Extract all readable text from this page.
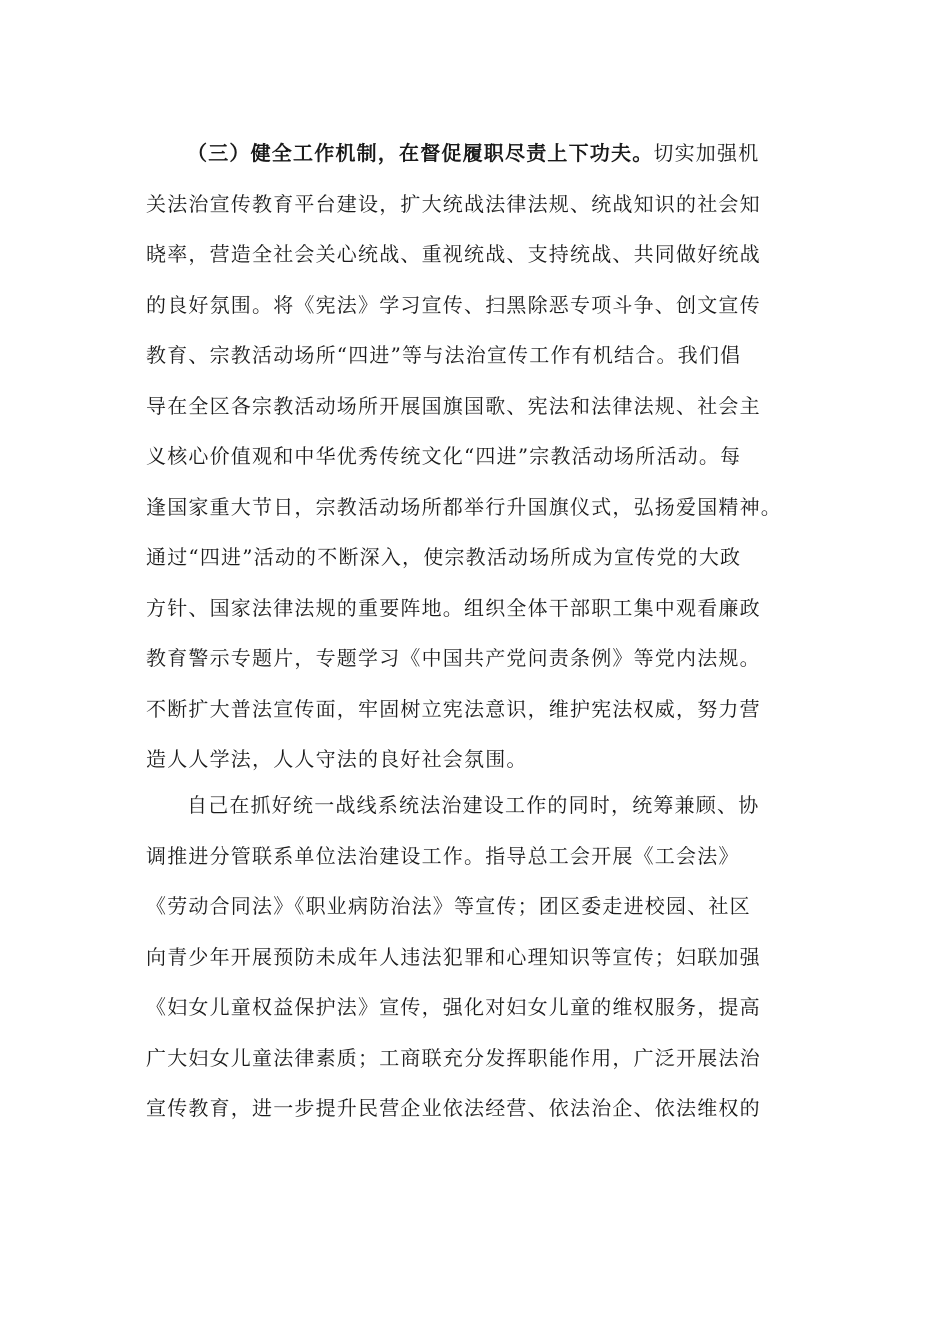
（三）健全工作机制，在督促履职尽责上下功夫。切实加强机
关法治宣传教育平台建设，扩大统战法律法规、统战知识的社会知
晓率，营造全社会关心统战、重视统战、支持统战、共同做好统战
的良好氛围。将《宪法》学习宣传、扫黑除恶专项斗争、创文宣传
教育、宗教活动场所“四进”等与法治宣传工作有机结合。我们倡
导在全区各宗教活动场所开展国旗国歌、宪法和法律法规、社会主
义核心价值观和中华优秀传统文化“四进”宗教活动场所活动。每
逢国家重大节日，宗教活动场所都举行升国旗仪式，弘扬爱国精神。
通过“四进”活动的不断深入，使宗教活动场所成为宣传党的大政
方针、国家法律法规的重要阵地。组织全体干部职工集中观看廉政
教育警示专题片，专题学习《中国共产党问责条例》等党内法规。
不断扩大普法宣传面，牢固树立宪法意识，维护宪法权威，努力营
造人人学法，人人守法的良好社会氛围。

自己在抓好统一战线系统法治建设工作的同时，统筹兼顾、协
调推进分管联系单位法治建设工作。指导总工会开展《工会法》
《劳动合同法》《职业病防治法》等宣传；团区委走进校园、社区
向青少年开展预防未成年人违法犯罪和心理知识等宣传；妇联加强
《妇女儿童权益保护法》宣传，强化对妇女儿童的维权服务，提高
广大妇女儿童法律素质；工商联充分发挥职能作用，广泛开展法治
宣传教育，进一步提升民营企业依法经营、依法治企、依法维权的
